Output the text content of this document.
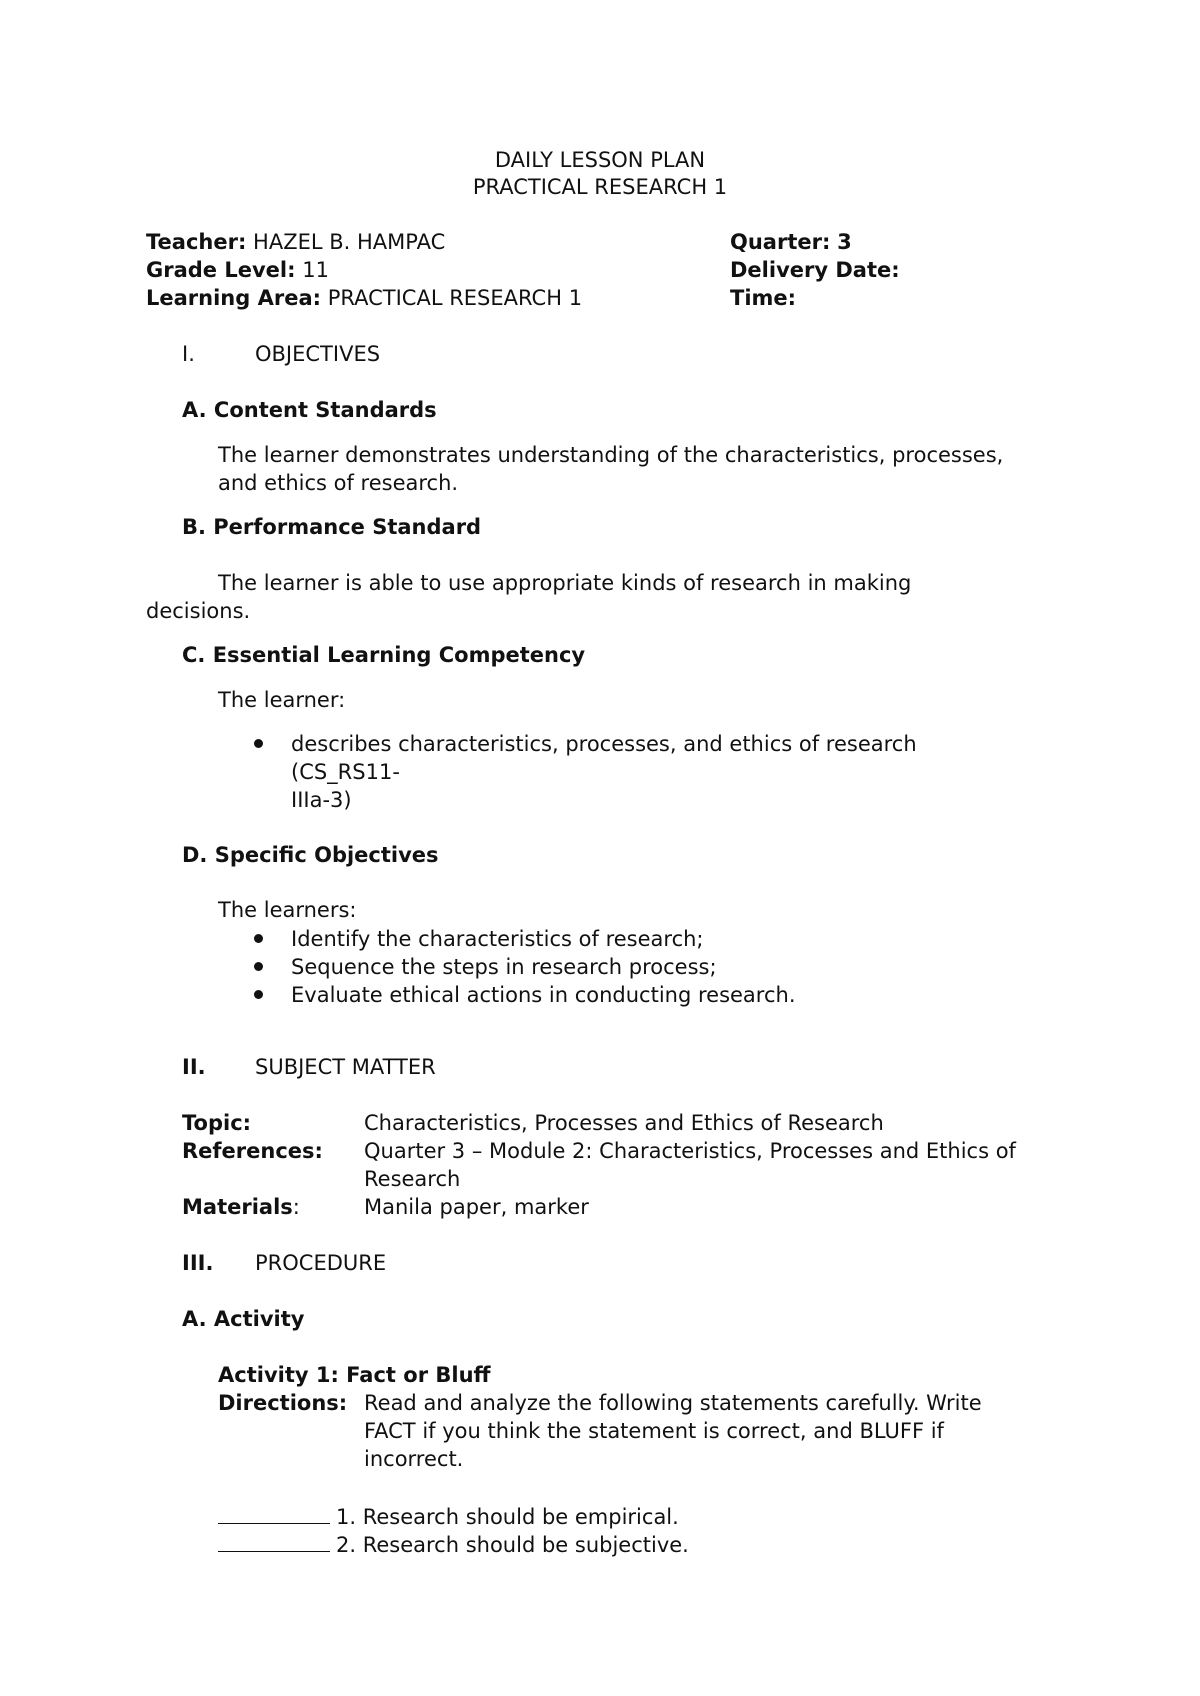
DAILY LESSON PLAN
PRACTICAL RESEARCH 1
Teacher: HAZEL B. HAMPAC
Grade Level: 11
Learning Area: PRACTICAL RESEARCH 1
Quarter: 3
Delivery Date:
Time:
I.	OBJECTIVES
A. Content Standards
The learner demonstrates understanding of the characteristics, processes,
and ethics of research.
B. Performance Standard
The learner is able to use appropriate kinds of research in making
decisions.
C. Essential Learning Competency
The learner:
describes characteristics, processes, and ethics of research
(CS_RS11-
IIIa-3)
D. Specific Objectives
The learners:
Identify the characteristics of research;
Sequence the steps in research process;
Evaluate ethical actions in conducting research.
II. SUBJECT MATTER
Topic:	Characteristics, Processes and Ethics of Research
References: Quarter 3 – Module 2: Characteristics, Processes and Ethics of
Research
Materials:	Manila paper, marker
III. PROCEDURE
A. Activity
Activity 1: Fact or Bluff
Directions: Read and analyze the following statements carefully. Write
FACT if you think the statement is correct, and BLUFF if
incorrect.
1. Research should be empirical.
2. Research should be subjective.
